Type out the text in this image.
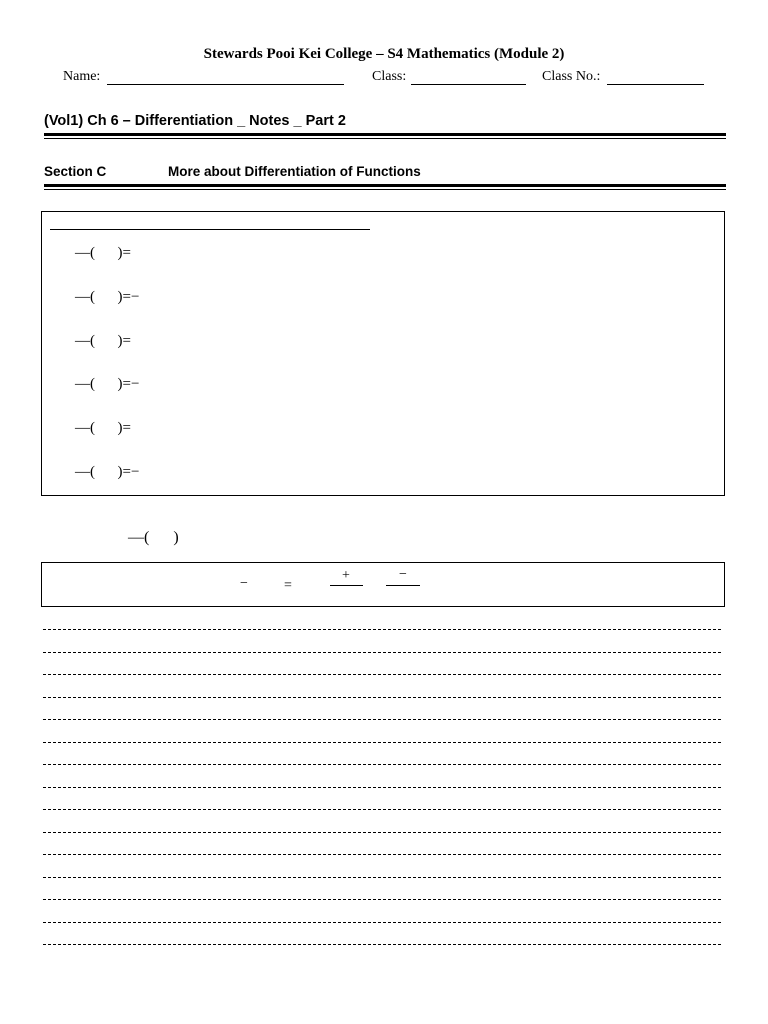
Stewards Pooi Kei College – S4 Mathematics (Module 2)
Name:	Class:	Class No.:
(Vol1) Ch 6 – Differentiation _ Notes _ Part 2
Section C	More about Differentiation of Functions
—(      )=
—(      )=−
—(      )=
—(      )=−
—(      )=
—(      )=−
—(      )
−	=
+	−
